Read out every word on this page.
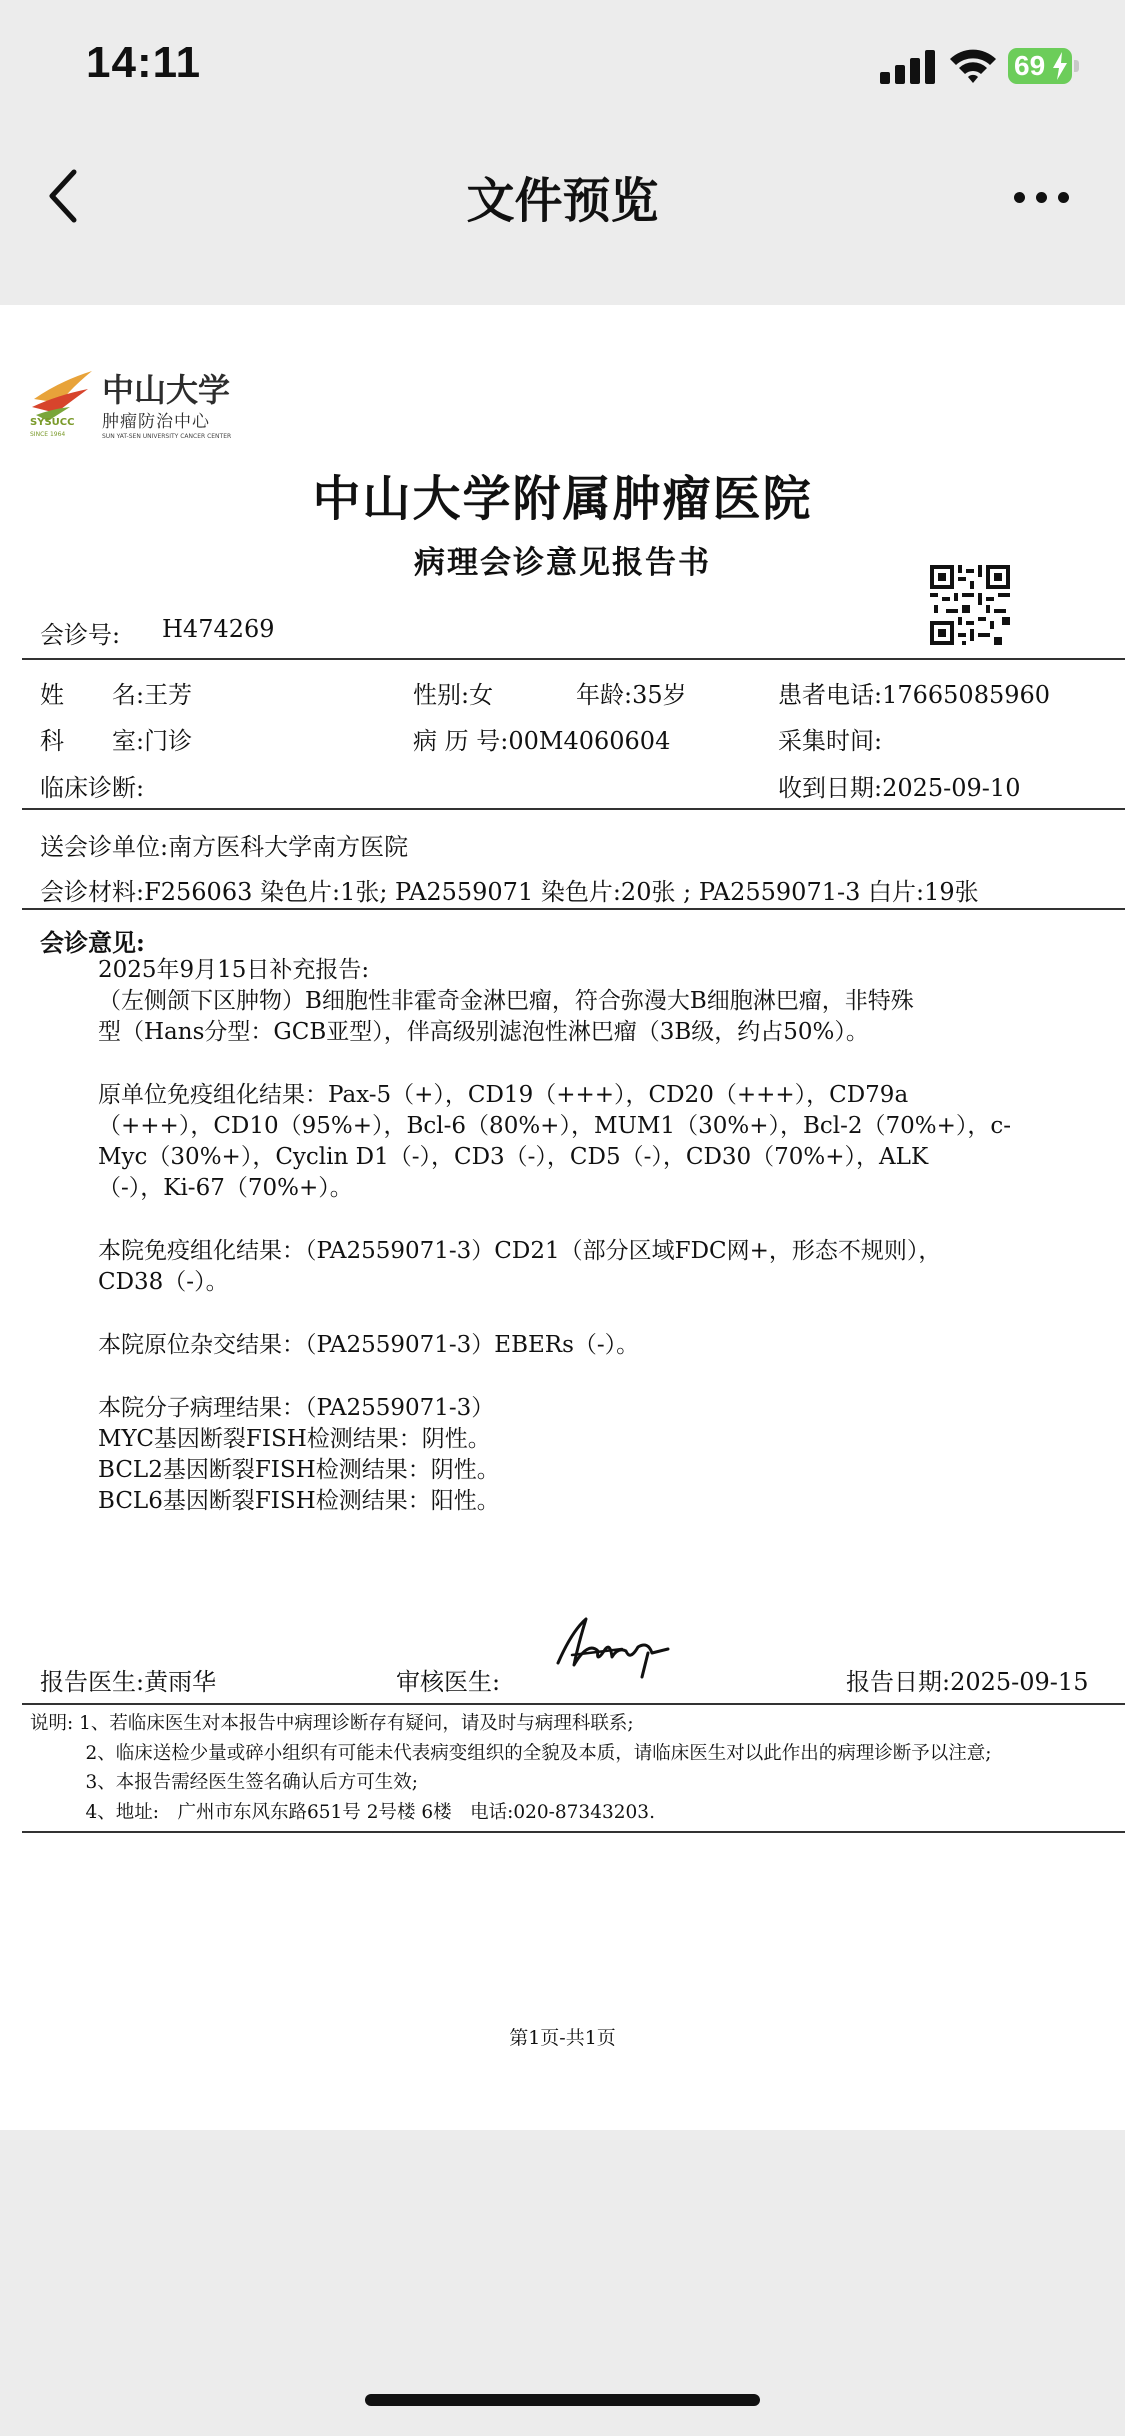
14:11	69
文件预览
中山大学
肿瘤防治中心
SUN YAT-SEN UNIVERSITY CANCER CENTER
SYSUCC
SINCE 1964
中山大学附属肿瘤医院
病理会诊意见报告书
会诊号: H474269
姓　　名:王芳	性别:女	年龄:35岁	患者电话:17665085960
科　　室:门诊	病 历 号:00M4060604	采集时间:
临床诊断:	收到日期:2025-09-10
送会诊单位:南方医科大学南方医院
会诊材料:F256063 染色片:1张; PA2559071 染色片:20张 ; PA2559071-3 白片:19张
会诊意见:

2025年9月15日补充报告:

（左侧颌下区肿物）B细胞性非霍奇金淋巴瘤，符合弥漫大B细胞淋巴瘤，非特殊

型（Hans分型：GCB亚型），伴高级别滤泡性淋巴瘤（3B级，约占50%）。

原单位免疫组化结果：Pax-5（+），CD19（+++），CD20（+++），CD79a

（+++），CD10（95%+），Bcl-6（80%+），MUM1（30%+），Bcl-2（70%+），c-

Myc（30%+），Cyclin D1（-），CD3（-），CD5（-），CD30（70%+），ALK

（-），Ki-67（70%+）。

本院免疫组化结果：（PA2559071-3）CD21（部分区域FDC网+，形态不规则），

CD38（-）。

本院原位杂交结果：（PA2559071-3）EBERs（-）。

本院分子病理结果：（PA2559071-3）

MYC基因断裂FISH检测结果：阴性。

BCL2基因断裂FISH检测结果：阴性。

BCL6基因断裂FISH检测结果：阳性。

报告医生:黄雨华	审核医生:	报告日期:2025-09-15

说明: 1、若临床医生对本报告中病理诊断存有疑问，请及时与病理科联系;

　　　2、临床送检少量或碎小组织有可能未代表病变组织的全貌及本质，请临床医生对以此作出的病理诊断予以注意;

　　　3、本报告需经医生签名确认后方可生效;

　　　4、地址:　广州市东风东路651号 2号楼 6楼　电话:020-87343203.

第1页-共1页
